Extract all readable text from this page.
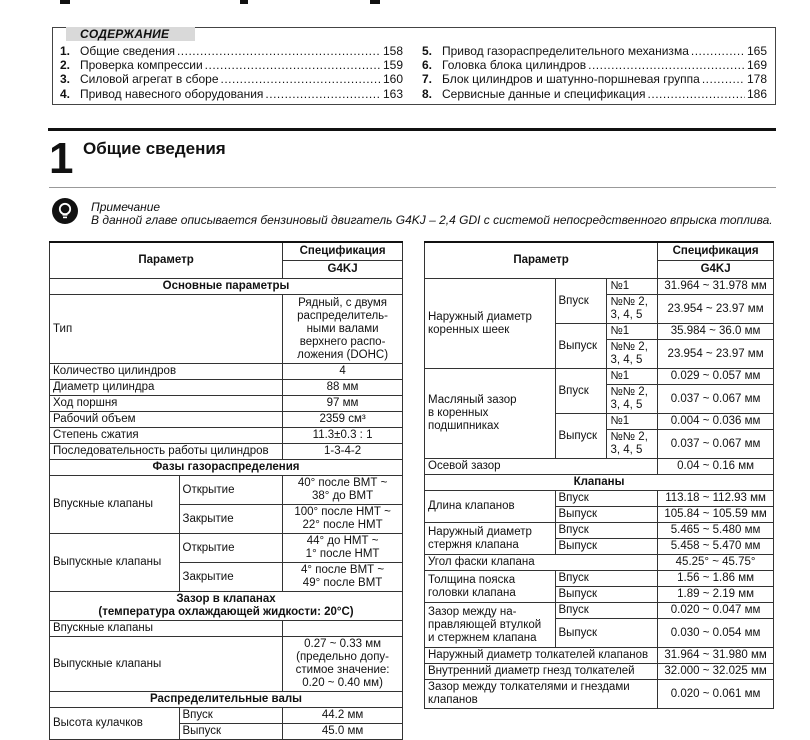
СОДЕРЖАНИЕ
1. Общие сведения .....	158
2. Проверка компрессии .....	159
3. Силовой агрегат в сборе .....	160
4. Привод навесного оборудования .....	163
5. Привод газораспределительного механизма .....	165
6. Головка блока цилиндров .....	169
7. Блок цилиндров и шатунно-поршневая группа .....	178
8. Сервисные данные и спецификация .....	186
1 Общие сведения
Примечание
В данной главе описывается бензиновый двигатель G4KJ – 2,4 GDI с системой непосредственного впрыска топлива.
Параметр		Спецификация
		G4KJ
Основные параметры		
Тип		Рядный, с двумя
распределитель-
ными валами
верхнего распо-
ложения (DOHC)
Количество цилиндров		4
Диаметр цилиндра		88 мм
Ход поршня		97 мм
Рабочий объем		2359 см³
Степень сжатия		11.3±0.3 : 1
Последовательность работы цилиндров		1-3-4-2
Фазы газораспределения		
Впускные клапаны	Открытие	40° после ВМТ ~
38° до ВМТ
	Закрытие	100° после НМТ ~
22° после НМТ
Выпускные клапаны	Открытие	44° до НМТ ~
1° после НМТ
	Закрытие	4° после ВМТ ~
49° после ВМТ
Зазор в клапанах
(температура охлаждающей жидкости: 20°C)		
Впускные клапаны		
Выпускные клапаны		0.27 ~ 0.33 мм
(предельно допу-
стимое значение:
0.20 ~ 0.40 мм)
Распределительные валы		
Высота кулачков	Впуск	44.2 мм
	Выпуск	45.0 мм
Параметр			Спецификация
			G4KJ
Наружный диаметр
коренных шеек	Впуск	№1	31.964 ~ 31.978 мм
		№№ 2,
3, 4, 5	23.954 ~ 23.97 мм
	Выпуск	№1	35.984 ~ 36.0 мм
		№№ 2,
3, 4, 5	23.954 ~ 23.97 мм
Масляный зазор
в коренных
подшипниках	Впуск	№1	0.029 ~ 0.057 мм
		№№ 2,
3, 4, 5	0.037 ~ 0.067 мм
	Выпуск	№1	0.004 ~ 0.036 мм
		№№ 2,
3, 4, 5	0.037 ~ 0.067 мм
Осевой зазор			0.04 ~ 0.16 мм
Клапаны			
Длина клапанов	Впуск		113.18 ~ 112.93 мм
	Выпуск		105.84 ~ 105.59 мм
Наружный диаметр
стержня клапана	Впуск		5.465 ~ 5.480 мм
	Выпуск		5.458 ~ 5.470 мм
Угол фаски клапана			45.25° ~ 45.75°
Толщина пояска
головки клапана	Впуск		1.56 ~ 1.86 мм
	Выпуск		1.89 ~ 2.19 мм
Зазор между на-
правляющей втулкой
и стержнем клапана	Впуск		0.020 ~ 0.047 мм
	Выпуск		0.030 ~ 0.054 мм
Наружный диаметр толкателей клапанов			31.964 ~ 31.980 мм
Внутренний диаметр гнезд толкателей			32.000 ~ 32.025 мм
Зазор между толкателями и гнездами
клапанов			0.020 ~ 0.061 мм
